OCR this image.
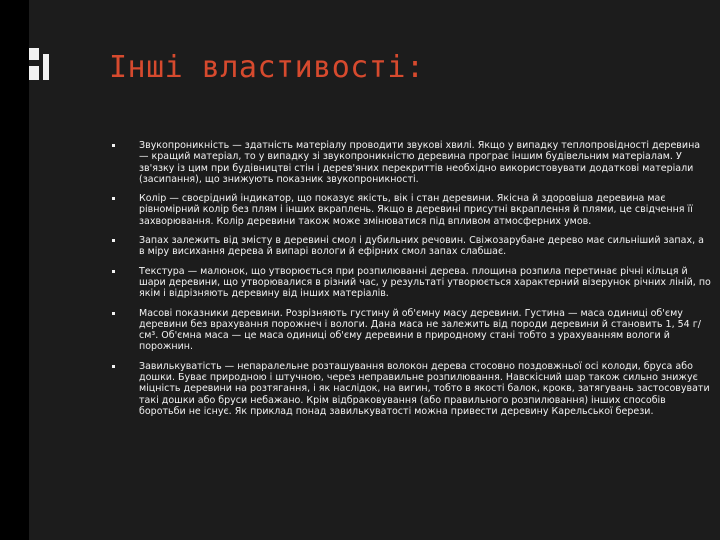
Інші властивості:
Звукопроникність — здатність матеріалу проводити звукові хвилі. Якщо у випадку теплопровідності деревина — кращий матеріал, то у випадку зі звукопроникністю деревина програє іншим будівельним матеріалам. У зв'язку із цим при будівництві стін і дерев'яних перекриттів необхідно використовувати додаткові матеріали (засипання), що знижують показник звукопроникності.
Колір — своєрідний індикатор, що показує якість, вік і стан деревини. Якісна й здоровіша деревина має рівномірний колір без плям і інших вкраплень. Якщо в деревині присутні вкраплення й плями, це свідчення її захворювання. Колір деревини також може змінюватися під впливом атмосферних умов.
Запах залежить від змісту в деревині смол і дубильних речовин. Свіжозарубане дерево має сильніший запах, а в міру висихання дерева й випарі вологи й ефірних смол запах слабшає.
Текстура — малюнок, що утворюється при розпилюванні дерева. площина розпила перетинає річні кільця й шари деревини, що утворювалися в різний час, у результаті утворюється характерний візерунок річних ліній, по якім і відрізняють деревину від інших матеріалів.
Масові показники деревини. Розрізняють густину й об'ємну масу деревини. Густина — маса одиниці об'єму деревини без врахування порожнеч і вологи. Дана маса не залежить від породи деревини й становить 1, 54 г/см³. Об'ємна маса — це маса одиниці об'єму деревини в природному стані тобто з урахуванням вологи й порожнин.
Завилькуватість — непаралельне розташування волокон дерева стосовно поздовжньої осі колоди, бруса або дошки. Буває природною і штучною, через неправильне розпилювання. Навскісний шар також сильно знижує міцність деревини на розтягання, і як наслідок, на вигин, тобто в якості балок, крокв, затягувань застосовувати такі дошки або бруси небажано. Крім відбраковування (або правильного розпилювання) інших способів боротьби не існує. Як приклад понад завилькуватості можна привести деревину Карельської берези.
